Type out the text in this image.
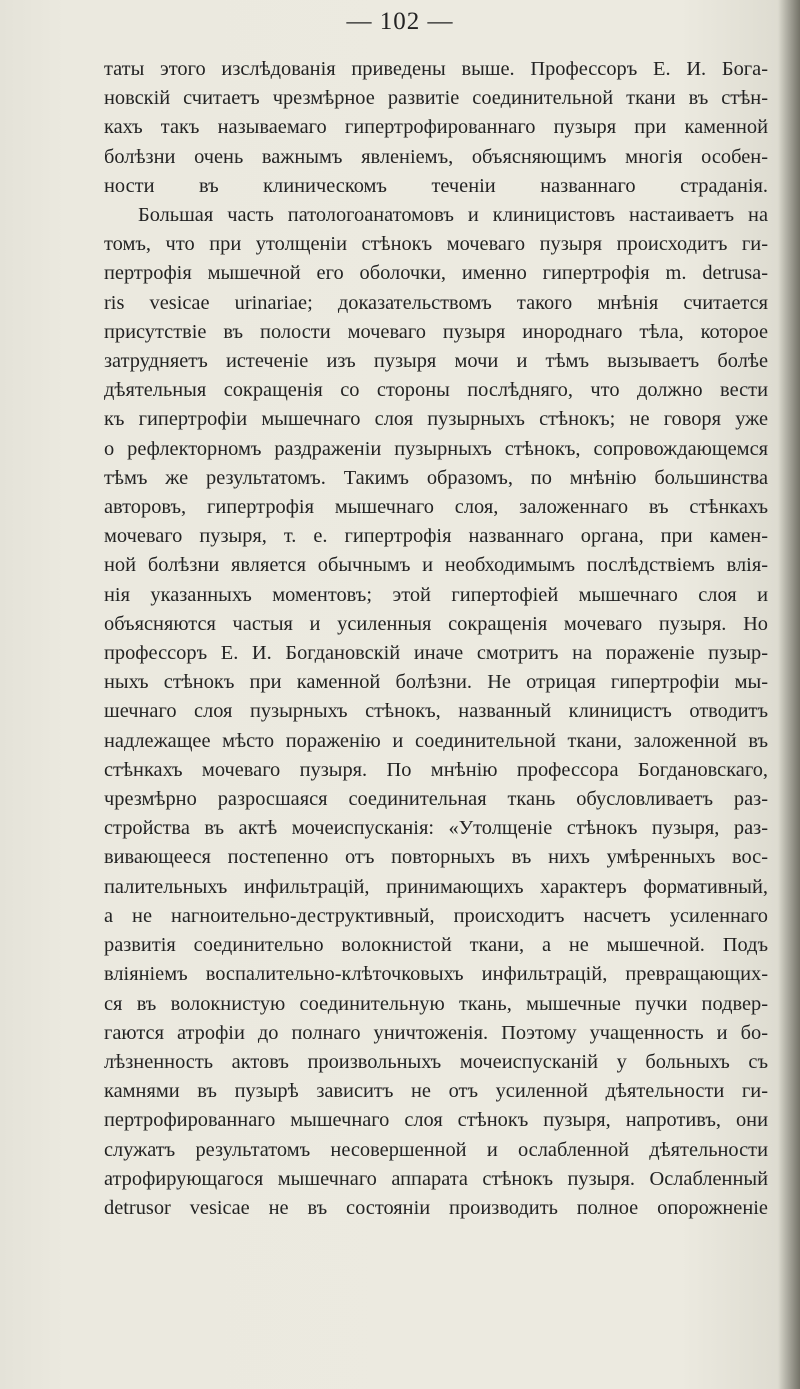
— 102 —
таты этого изслѣдованія приведены выше. Профессоръ Е. И. Бога-
новскій считаетъ чрезмѣрное развитіе соединительной ткани въ стѣн-
кахъ такъ называемаго гипертрофированнаго пузыря при каменной
болѣзни очень важнымъ явленіемъ, объясняющимъ многія особен-
ности въ клиническомъ теченіи названнаго страданія.
Большая часть патологоанатомовъ и клиницистовъ настаиваетъ на
томъ, что при утолщеніи стѣнокъ мочеваго пузыря происходитъ ги-
пертрофія мышечной его оболочки, именно гипертрофія m. detrusa-
ris vesicae urinariae; доказательствомъ такого мнѣнія считается
присутствіе въ полости мочеваго пузыря инороднаго тѣла, которое
затрудняетъ истеченіе изъ пузыря мочи и тѣмъ вызываетъ болѣе
дѣятельныя сокращенія со стороны послѣдняго, что должно вести
къ гипертрофіи мышечнаго слоя пузырныхъ стѣнокъ; не говоря уже
о рефлекторномъ раздраженіи пузырныхъ стѣнокъ, сопровождающемся
тѣмъ же результатомъ. Такимъ образомъ, по мнѣнію большинства
авторовъ, гипертрофія мышечнаго слоя, заложеннаго въ стѣнкахъ
мочеваго пузыря, т. е. гипертрофія названнаго органа, при камен-
ной болѣзни является обычнымъ и необходимымъ послѣдствіемъ влія-
нія указанныхъ моментовъ; этой гипертофіей мышечнаго слоя и
объясняются частыя и усиленныя сокращенія мочеваго пузыря. Но
профессоръ Е. И. Богдановскій иначе смотритъ на пораженіе пузыр-
ныхъ стѣнокъ при каменной болѣзни. Не отрицая гипертрофіи мы-
шечнаго слоя пузырныхъ стѣнокъ, названный клиницистъ отводитъ
надлежащее мѣсто пораженію и соединительной ткани, заложенной въ
стѣнкахъ мочеваго пузыря. По мнѣнію профессора Богдановскаго,
чрезмѣрно разросшаяся соединительная ткань обусловливаетъ раз-
стройства въ актѣ мочеиспусканія: «Утолщеніе стѣнокъ пузыря, раз-
вивающееся постепенно отъ повторныхъ въ нихъ умѣренныхъ вос-
палительныхъ инфильтрацій, принимающихъ характеръ формативный,
а не нагноительно-деструктивный, происходитъ насчетъ усиленнаго
развитія соединительно волокнистой ткани, а не мышечной. Подъ
вліяніемъ воспалительно-клѣточковыхъ инфильтрацій, превращающих-
ся въ волокнистую соединительную ткань, мышечные пучки подвер-
гаются атрофіи до полнаго уничтоженія. Поэтому учащенность и бо-
лѣзненность актовъ произвольныхъ мочеиспусканій у больныхъ съ
камнями въ пузырѣ зависитъ не отъ усиленной дѣятельности ги-
пертрофированнаго мышечнаго слоя стѣнокъ пузыря, напротивъ, они
служатъ результатомъ несовершенной и ослабленной дѣятельности
атрофирующагося мышечнаго аппарата стѣнокъ пузыря. Ослабленный
detrusor vesicae не въ состояніи производить полное опорожненіе
